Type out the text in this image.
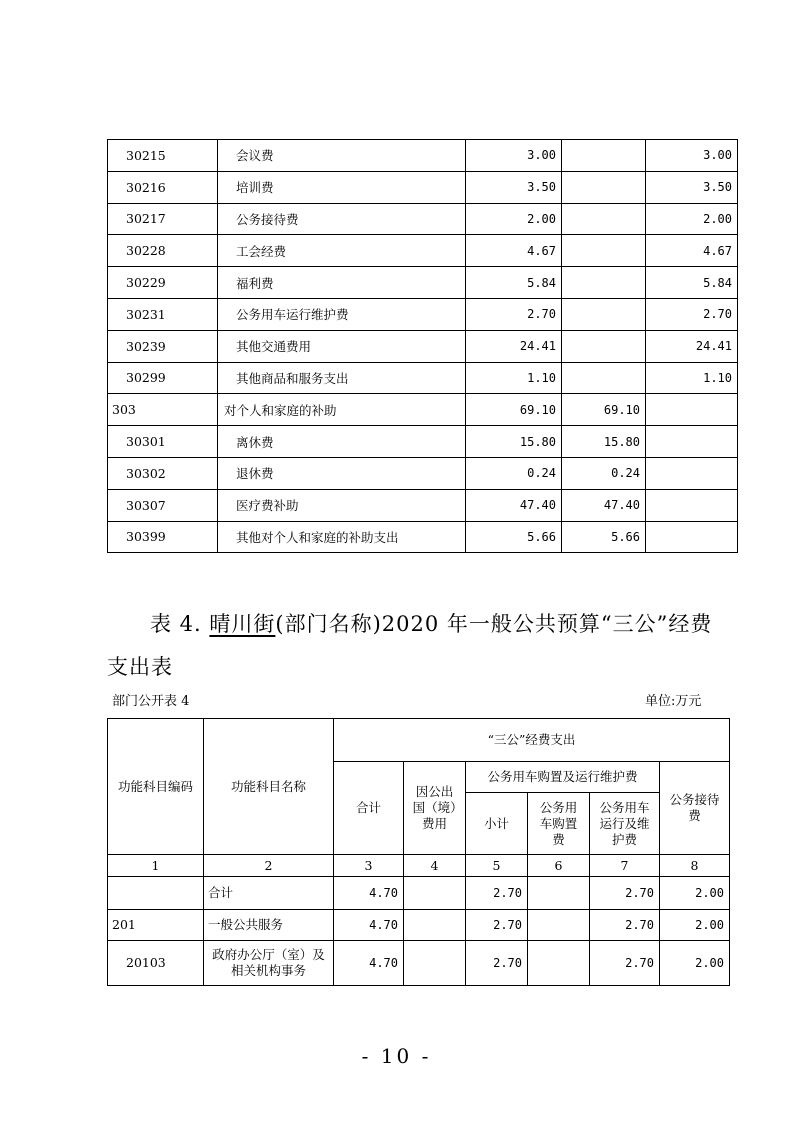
30215	会议费	3.00		3.00
30216	培训费	3.50		3.50
30217	公务接待费	2.00		2.00
30228	工会经费	4.67		4.67
30229	福利费	5.84		5.84
30231	公务用车运行维护费	2.70		2.70
30239	其他交通费用	24.41		24.41
30299	其他商品和服务支出	1.10		1.10
303	对个人和家庭的补助	69.10	69.10	
30301	离休费	15.80	15.80	
30302	退休费	0.24	0.24	
30307	医疗费补助	47.40	47.40	
30399	其他对个人和家庭的补助支出	5.66	5.66	
表 4. 晴川街(部门名称)2020 年一般公共预算“三公”经费
支出表
部门公开表 4	单位:万元
功能科目编码	功能科目名称	“三公”经费支出					
		合计	因公出国（境）费用	公务用车购置及运行维护费			公务接待费
				小计	公务用车购置费	公务用车运行及维护费	
1	2	3	4	5	6	7	8
	合计	4.70		2.70		2.70	2.00
201	一般公共服务	4.70		2.70		2.70	2.00
20103	政府办公厅（室）及相关机构事务	4.70		2.70		2.70	2.00
- 10 -
